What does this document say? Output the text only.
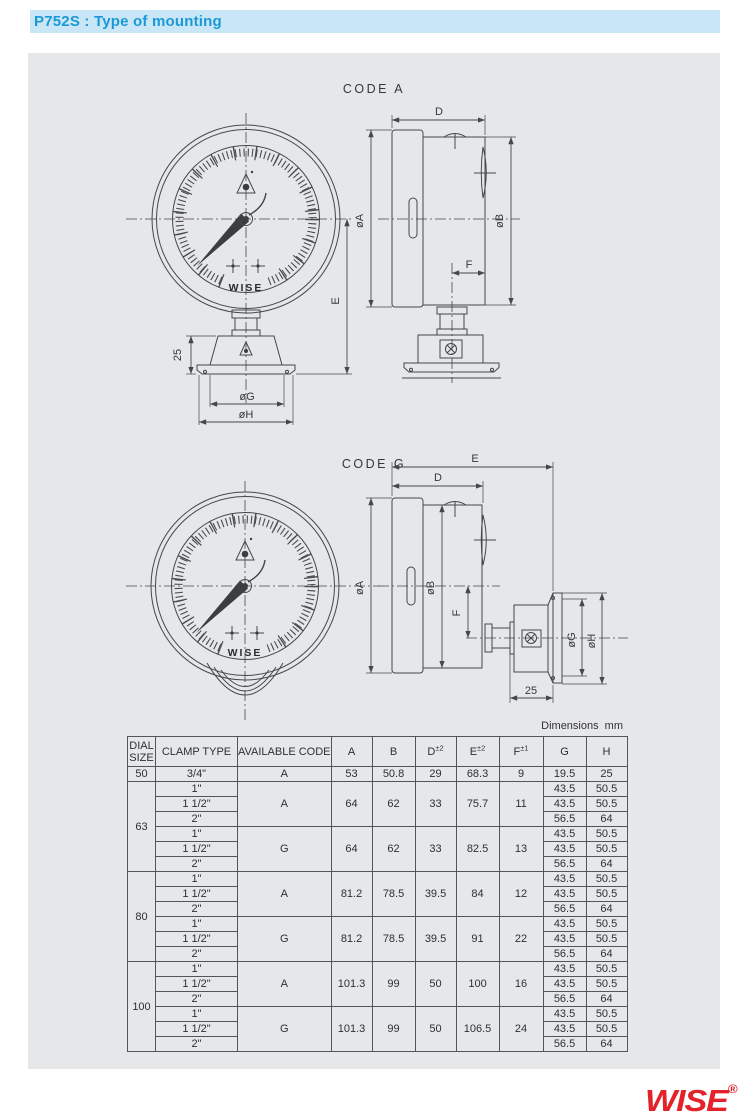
P752S : Type of mounting
CODE A
WISE
25
øG
øH
E
D
øA	øB
F
CODE G
WISE
E
D
øA	øB
F
øG øH
25
Dimensions mm
DIAL
SIZE	CLAMP TYPE	AVAILABLE CODE	A	B	$D^{\pm 2}$	$E^{\pm 2}$	$F^{\pm 1}$	G	H
50	3/4"	A	53	50.8	29	68.3	9	19.5	25
63	1"	A	64	62	33	75.7	11	43.5	50.5
	1 1/2"							43.5	50.5
	2"							56.5	64
	1"	G	64	62	33	82.5	13	43.5	50.5
	1 1/2"							43.5	50.5
	2"							56.5	64
80	1"	A	81.2	78.5	39.5	84	12	43.5	50.5
	1 1/2"							43.5	50.5
	2"							56.5	64
	1"	G	81.2	78.5	39.5	91	22	43.5	50.5
	1 1/2"							43.5	50.5
	2"							56.5	64
100	1"	A	101.3	99	50	100	16	43.5	50.5
	1 1/2"							43.5	50.5
	2"							56.5	64
	1"	G	101.3	99	50	106.5	24	43.5	50.5
	1 1/2"							43.5	50.5
	2"							56.5	64
WISE®
